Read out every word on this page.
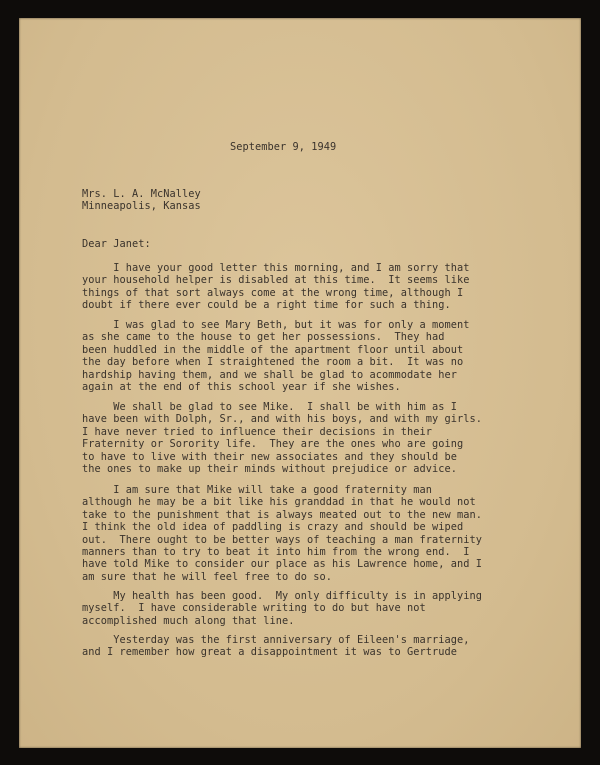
September 9, 1949

Mrs. L. A. McNalley
Minneapolis, Kansas

Dear Janet:

I have your good letter this morning, and I am sorry that
your household helper is disabled at this time.  It seems like
things of that sort always come at the wrong time, although I
doubt if there ever could be a right time for such a thing.

I was glad to see Mary Beth, but it was for only a moment
as she came to the house to get her possessions.  They had
been huddled in the middle of the apartment floor until about
the day before when I straightened the room a bit.  It was no
hardship having them, and we shall be glad to acommodate her
again at the end of this school year if she wishes.

We shall be glad to see Mike.  I shall be with him as I
have been with Dolph, Sr., and with his boys, and with my girls.
I have never tried to influence their decisions in their
Fraternity or Sorority life.  They are the ones who are going
to have to live with their new associates and they should be
the ones to make up their minds without prejudice or advice.

I am sure that Mike will take a good fraternity man
although he may be a bit like his granddad in that he would not
take to the punishment that is always meated out to the new man.
I think the old idea of paddling is crazy and should be wiped
out.  There ought to be better ways of teaching a man fraternity
manners than to try to beat it into him from the wrong end.  I
have told Mike to consider our place as his Lawrence home, and I
am sure that he will feel free to do so.

My health has been good.  My only difficulty is in applying
myself.  I have considerable writing to do but have not
accomplished much along that line.

Yesterday was the first anniversary of Eileen's marriage,
and I remember how great a disappointment it was to Gertrude
